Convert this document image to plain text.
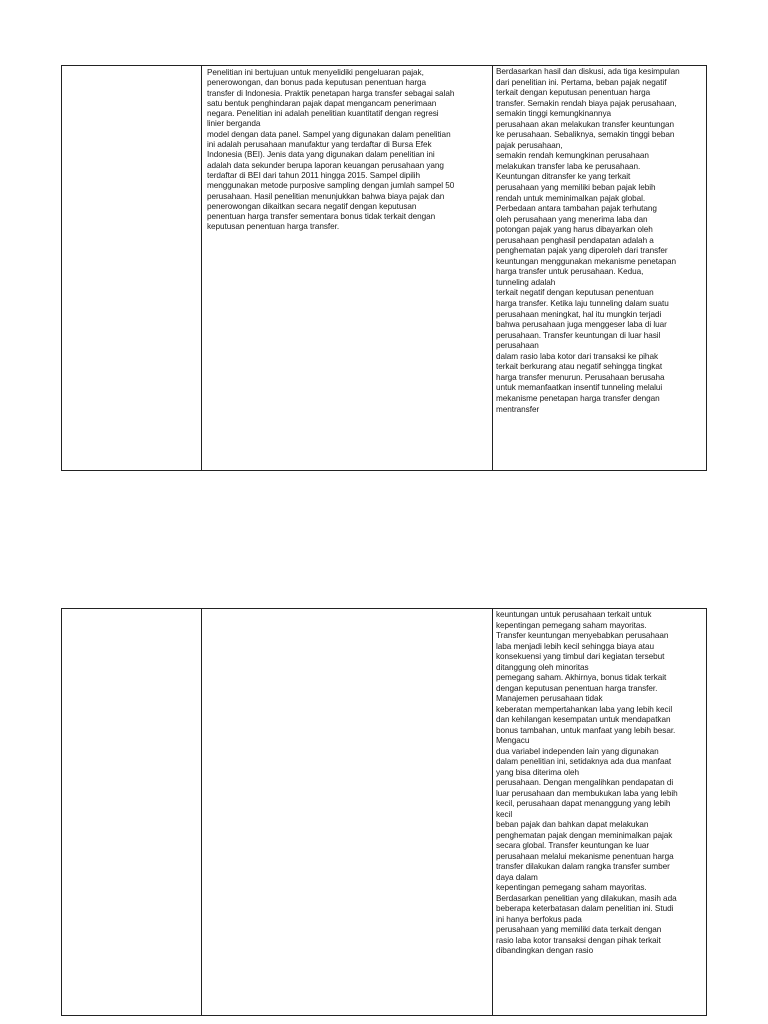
Penelitian ini bertujuan untuk menyelidiki pengeluaran pajak,
penerowongan, dan bonus pada keputusan penentuan harga
transfer di Indonesia. Praktik penetapan harga transfer sebagai salah
satu bentuk penghindaran pajak dapat mengancam penerimaan
negara. Penelitian ini adalah penelitian kuantitatif dengan regresi
linier berganda
model dengan data panel. Sampel yang digunakan dalam penelitian
ini adalah perusahaan manufaktur yang terdaftar di Bursa Efek
Indonesia (BEI). Jenis data yang digunakan dalam penelitian ini
adalah data sekunder berupa laporan keuangan perusahaan yang
terdaftar di BEI dari tahun 2011 hingga 2015. Sampel dipilih
menggunakan metode purposive sampling dengan jumlah sampel 50
perusahaan. Hasil penelitian menunjukkan bahwa biaya pajak dan
penerowongan dikaitkan secara negatif dengan keputusan
penentuan harga transfer sementara bonus tidak terkait dengan
keputusan penentuan harga transfer.
Berdasarkan hasil dan diskusi, ada tiga kesimpulan
dari penelitian ini. Pertama, beban pajak negatif
terkait dengan keputusan penentuan harga
transfer. Semakin rendah biaya pajak perusahaan,
semakin tinggi kemungkinannya
perusahaan akan melakukan transfer keuntungan
ke perusahaan. Sebaliknya, semakin tinggi beban
pajak perusahaan,
semakin rendah kemungkinan perusahaan
melakukan transfer laba ke perusahaan.
Keuntungan ditransfer ke yang terkait
perusahaan yang memiliki beban pajak lebih
rendah untuk meminimalkan pajak global.
Perbedaan antara tambahan pajak terhutang
oleh perusahaan yang menerima laba dan
potongan pajak yang harus dibayarkan oleh
perusahaan penghasil pendapatan adalah a
penghematan pajak yang diperoleh dari transfer
keuntungan menggunakan mekanisme penetapan
harga transfer untuk perusahaan. Kedua,
tunneling adalah
terkait negatif dengan keputusan penentuan
harga transfer. Ketika laju tunneling dalam suatu
perusahaan meningkat, hal itu mungkin terjadi
bahwa perusahaan juga menggeser laba di luar
perusahaan. Transfer keuntungan di luar hasil
perusahaan
dalam rasio laba kotor dari transaksi ke pihak
terkait berkurang atau negatif sehingga tingkat
harga transfer menurun. Perusahaan berusaha
untuk memanfaatkan insentif tunneling melalui
mekanisme penetapan harga transfer dengan
mentransfer
keuntungan untuk perusahaan terkait untuk
kepentingan pemegang saham mayoritas.
Transfer keuntungan menyebabkan perusahaan
laba menjadi lebih kecil sehingga biaya atau
konsekuensi yang timbul dari kegiatan tersebut
ditanggung oleh minoritas
pemegang saham. Akhirnya, bonus tidak terkait
dengan keputusan penentuan harga transfer.
Manajemen perusahaan tidak
keberatan mempertahankan laba yang lebih kecil
dan kehilangan kesempatan untuk mendapatkan
bonus tambahan, untuk manfaat yang lebih besar.
Mengacu
dua variabel independen lain yang digunakan
dalam penelitian ini, setidaknya ada dua manfaat
yang bisa diterima oleh
perusahaan. Dengan mengalihkan pendapatan di
luar perusahaan dan membukukan laba yang lebih
kecil, perusahaan dapat menanggung yang lebih
kecil
beban pajak dan bahkan dapat melakukan
penghematan pajak dengan meminimalkan pajak
secara global. Transfer keuntungan ke luar
perusahaan melalui mekanisme penentuan harga
transfer dilakukan dalam rangka transfer sumber
daya dalam
kepentingan pemegang saham mayoritas.
Berdasarkan penelitian yang dilakukan, masih ada
beberapa keterbatasan dalam penelitian ini. Studi
ini hanya berfokus pada
perusahaan yang memiliki data terkait dengan
rasio laba kotor transaksi dengan pihak terkait
dibandingkan dengan rasio
